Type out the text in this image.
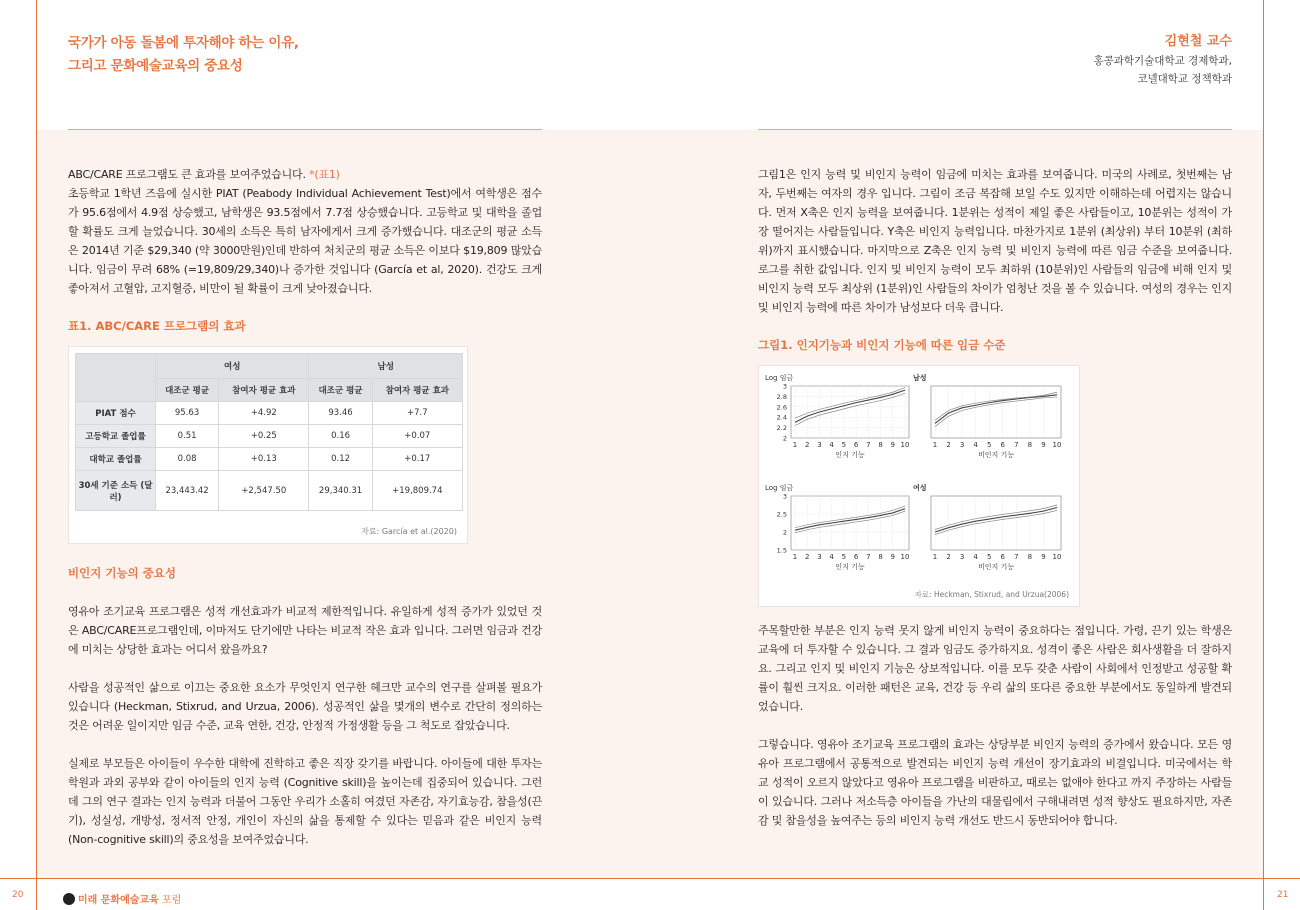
국가가 아동 돌봄에 투자해야 하는 이유,
그리고 문화예술교육의 중요성
김현철 교수
홍콩과학기술대학교 경제학과,
코넬대학교 정책학과

ABC/CARE 프로그램도 큰 효과를 보여주었습니다. *(표1)

초등학교 1학년 즈음에 실시한 PIAT (Peabody Individual Achievement Test)에서 여학생은 점수가 95.6점에서 4.9점 상승했고, 남학생은 93.5점에서 7.7점 상승했습니다. 고등학교 및 대학을 졸업할 확률도 크게 늘었습니다. 30세의 소득은 특히 남자에게서 크게 증가했습니다. 대조군의 평균 소득은 2014년 기준 $29,340 (약 3000만원)인데 반하여 처치군의 평균 소득은 이보다 $19,809 많았습니다. 임금이 무려 68% (=19,809/29,340)나 증가한 것입니다 (García et al, 2020). 건강도 크게 좋아져서 고혈압, 고지혈증, 비만이 될 확률이 크게 낮아졌습니다.

표1. ABC/CARE 프로그램의 효과
	여성		남성	
	대조군 평균	참여자 평균 효과	대조군 평균	참여자 평균 효과
PIAT 점수	95.63	+4.92	93.46	+7.7
고등학교 졸업률	0.51	+0.25	0.16	+0.07
대학교 졸업률	0.08	+0.13	0.12	+0.17
30세 기준 소득 (달러)	23,443.42	+2,547.50	29,340.31	+19,809.74
자료: García et al.(2020)
비인지 기능의 중요성

영유아 조기교육 프로그램은 성적 개선효과가 비교적 제한적입니다. 유일하게 성적 증가가 있었던 것은 ABC/CARE프로그램인데, 이마저도 단기에만 나타는 비교적 작은 효과 입니다. 그러면 임금과 건강에 미치는 상당한 효과는 어디서 왔을까요?

사람을 성공적인 삶으로 이끄는 중요한 요소가 무엇인지 연구한 헤크만 교수의 연구를 살펴볼 필요가 있습니다 (Heckman, Stixrud, and Urzua, 2006). 성공적인 삶을 몇개의 변수로 간단히 정의하는 것은 어려운 일이지만 임금 수준, 교육 연한, 건강, 안정적 가정생활 등을 그 척도로 잡았습니다.

실제로 부모들은 아이들이 우수한 대학에 진학하고 좋은 직장 갖기를 바랍니다. 아이들에 대한 투자는 학원과 과외 공부와 같이 아이들의 인지 능력 (Cognitive skill)을 높이는데 집중되어 있습니다. 그런데 그의 연구 결과는 인지 능력과 더불어 그동안 우리가 소홀히 여겼던 자존감, 자기효능감, 참을성(끈기), 성실성, 개방성, 정서적 안정, 개인이 자신의 삶을 통제할 수 있다는 믿음과 같은 비인지 능력(Non-cognitive skill)의 중요성을 보여주었습니다.

그림1은 인지 능력 및 비인지 능력이 임금에 미치는 효과를 보여줍니다. 미국의 사례로, 첫번째는 남자, 두번째는 여자의 경우 입니다. 그림이 조금 복잡해 보일 수도 있지만 이해하는데 어렵지는 않습니다. 먼저 X축은 인지 능력을 보여줍니다. 1분위는 성적이 제일 좋은 사람들이고, 10분위는 성적이 가장 떨어지는 사람들입니다. Y축은 비인지 능력입니다. 마찬가지로 1분위 (최상위) 부터 10분위 (최하위)까지 표시했습니다. 마지막으로 Z축은 인지 능력 및 비인지 능력에 따른 임금 수준을 보여줍니다. 로그를 취한 값입니다. 인지 및 비인지 능력이 모두 최하위 (10분위)인 사람들의 임금에 비해 인지 및 비인지 능력 모두 최상위 (1분위)인 사람들의 차이가 엄청난 것을 볼 수 있습니다. 여성의 경우는 인지 및 비인지 능력에 따른 차이가 남성보다 더욱 큽니다.

그림1. 인지기능과 비인지 기능에 따른 임금 수준
1 2 3 4 5 6 7 8 9 10
3
2.8
2.6
2.4
2.2
2
인지 기능
Log 임금	남성
1 2 3 4 5 6 7 8 9 10
비인지 기능
1 2 3 4 5 6 7 8 9 10
3
2.5
2
1.5
인지 기능
Log 임금	여성
1 2 3 4 5 6 7 8 9 10
비인지 기능
자료: Heckman, Stixrud, and Urzua(2006)

주목할만한 부분은 인지 능력 못지 않게 비인지 능력이 중요하다는 점입니다. 가령, 끈기 있는 학생은 교육에 더 투자할 수 있습니다. 그 결과 임금도 증가하지요. 성격이 좋은 사람은 회사생활을 더 잘하지요. 그리고 인지 및 비인지 기능은 상보적입니다. 이를 모두 갖춘 사람이 사회에서 인정받고 성공할 확률이 훨씬 크지요. 이러한 패턴은 교육, 건강 등 우리 삶의 또다른 중요한 부분에서도 동일하게 발견되었습니다.

그렇습니다. 영유아 조기교육 프로그램의 효과는 상당부분 비인지 능력의 증가에서 왔습니다. 모든 영유아 프로그램에서 공통적으로 발견되는 비인지 능력 개선이 장기효과의 비결입니다. 미국에서는 학교 성적이 오르지 않았다고 영유아 프로그램을 비판하고, 때로는 없애야 한다고 까지 주장하는 사람들이 있습니다. 그러나 저소득층 아이들을 가난의 대물림에서 구해내려면 성적 향상도 필요하지만, 자존감 및 참을성을 높여주는 등의 비인지 능력 개선도 반드시 동반되어야 합니다.

20	21
미래 문화예술교육 포럼
